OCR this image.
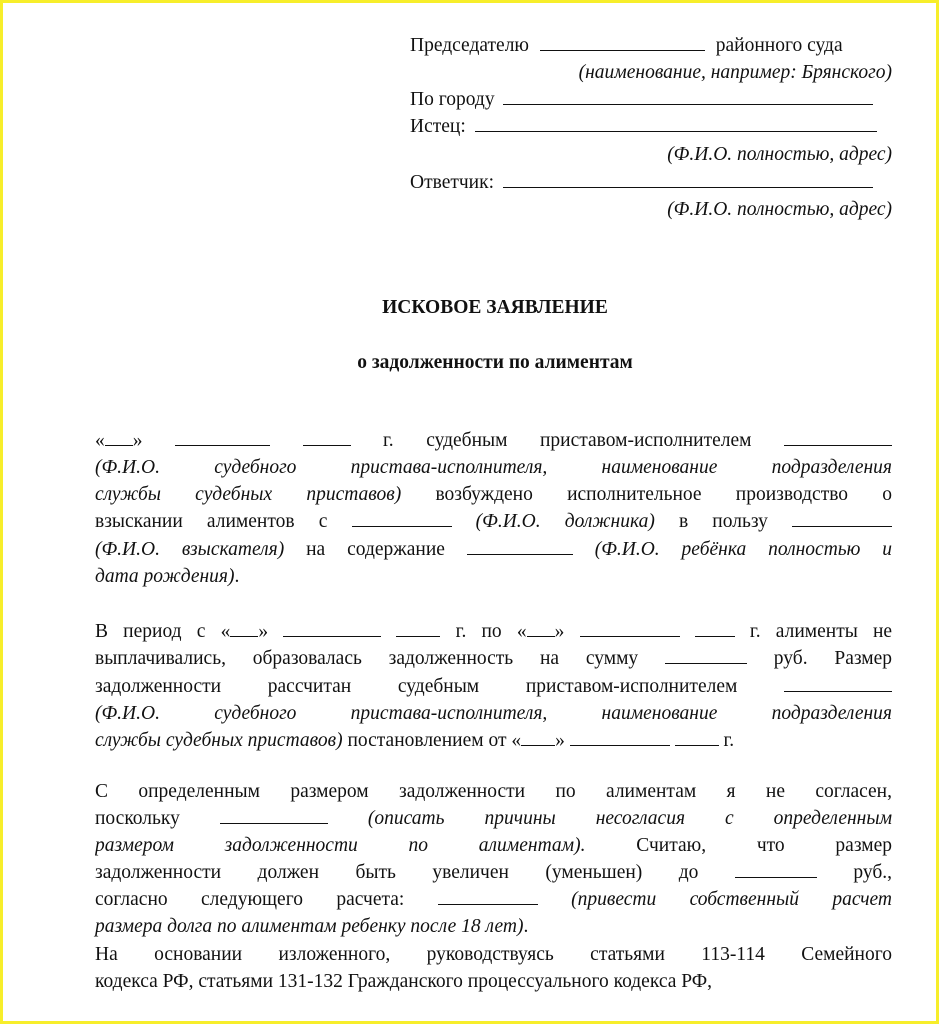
Председателю	районного суда
(наименование, например: Брянского)
По городу
Истец:
(Ф.И.О. полностью, адрес)
Ответчик:
(Ф.И.О. полностью, адрес)
ИСКОВОЕ ЗАЯВЛЕНИЕ
о задолженности по алиментам
« »	г. судебным приставом-исполнителем
(Ф.И.О. судебного пристава-исполнителя, наименование подразделения
службы судебных приставов) возбуждено исполнительное производство о
взыскании алиментов с	(Ф.И.О. должника) в пользу
(Ф.И.О. взыскателя) на содержание	(Ф.И.О. ребёнка полностью и
дата рождения).
В период с « »	г. по « »	г. алименты не
выплачивались, образовалась задолженность на сумму	руб. Размер
задолженности рассчитан судебным приставом-исполнителем
(Ф.И.О. судебного пристава-исполнителя, наименование подразделения
службы судебных приставов) постановлением от « »	г.
С определенным размером задолженности по алиментам я не согласен,
поскольку	(описать причины несогласия с определенным
размером задолженности по алиментам).	Считаю, что размер
задолженности должен быть увеличен (уменьшен) до	руб.,
согласно следующего расчета:	(привести собственный расчет
размера долга по алиментам ребенку после 18 лет).
На основании изложенного, руководствуясь статьями 113-114 Семейного
кодекса РФ, статьями 131-132 Гражданского процессуального кодекса РФ,
